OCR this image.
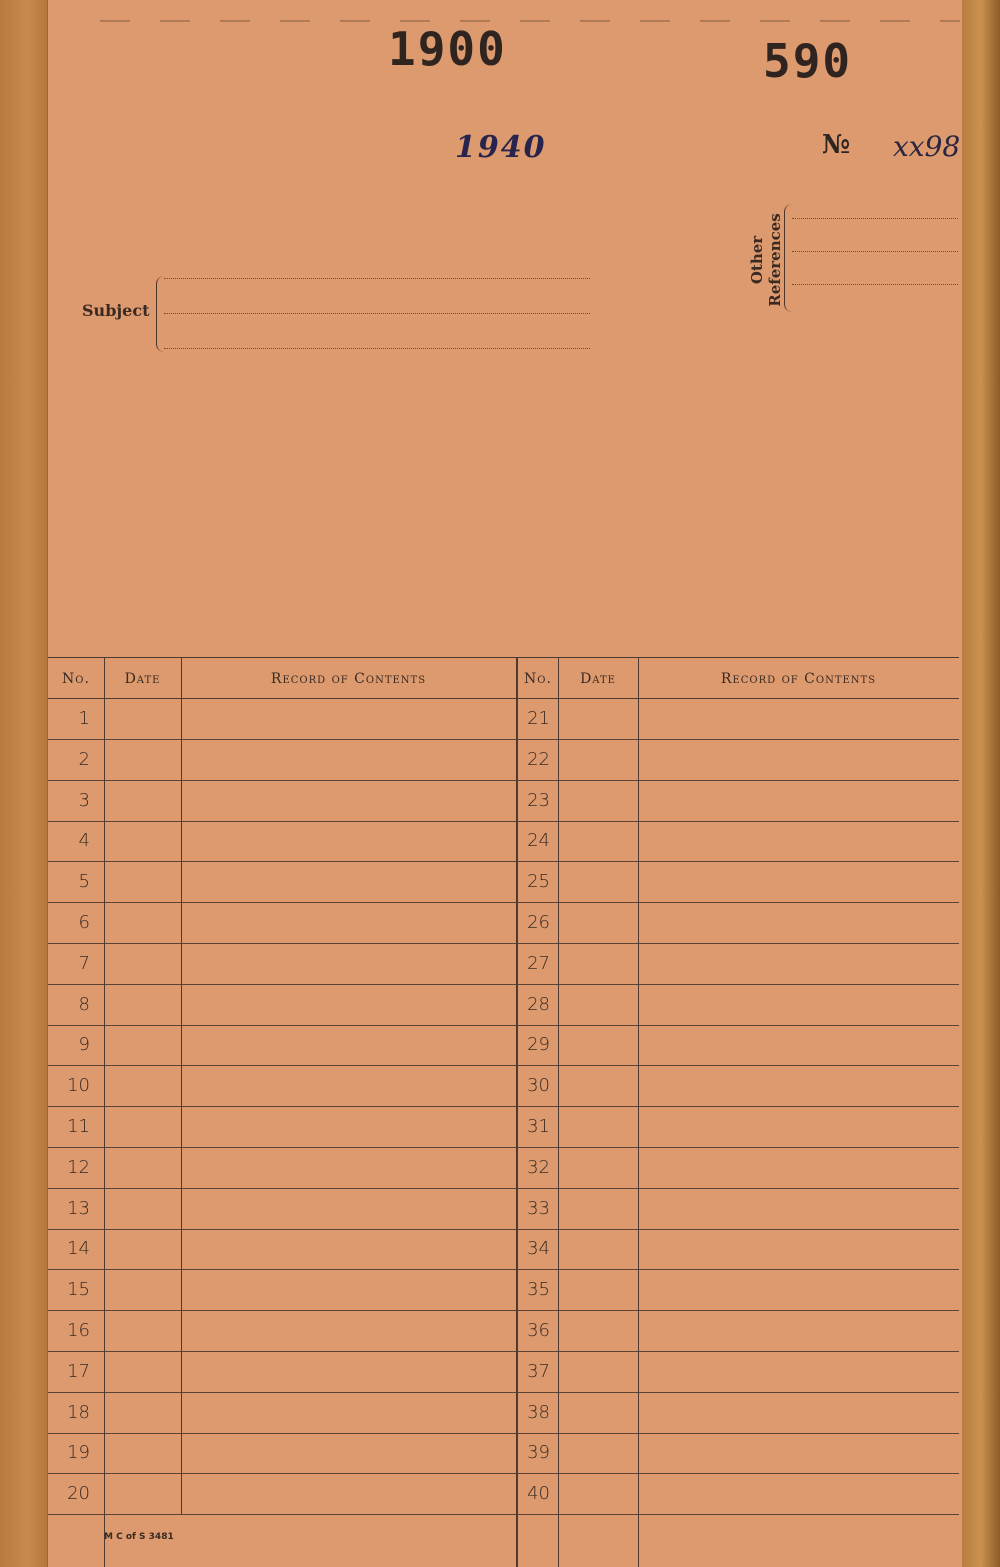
1900	590
1940	№ xx98
Other
References
Subject
No.	Date	Record of Contents
1
2
3
4
5
6
7
8
9
10
11
12
13
14
15
16
17
18
19
20
No.	Date	Record of Contents
21
22
23
24
25
26
27
28
29
30
31
32
33
34
35
36
37
38
39
40
M C of S 3481
